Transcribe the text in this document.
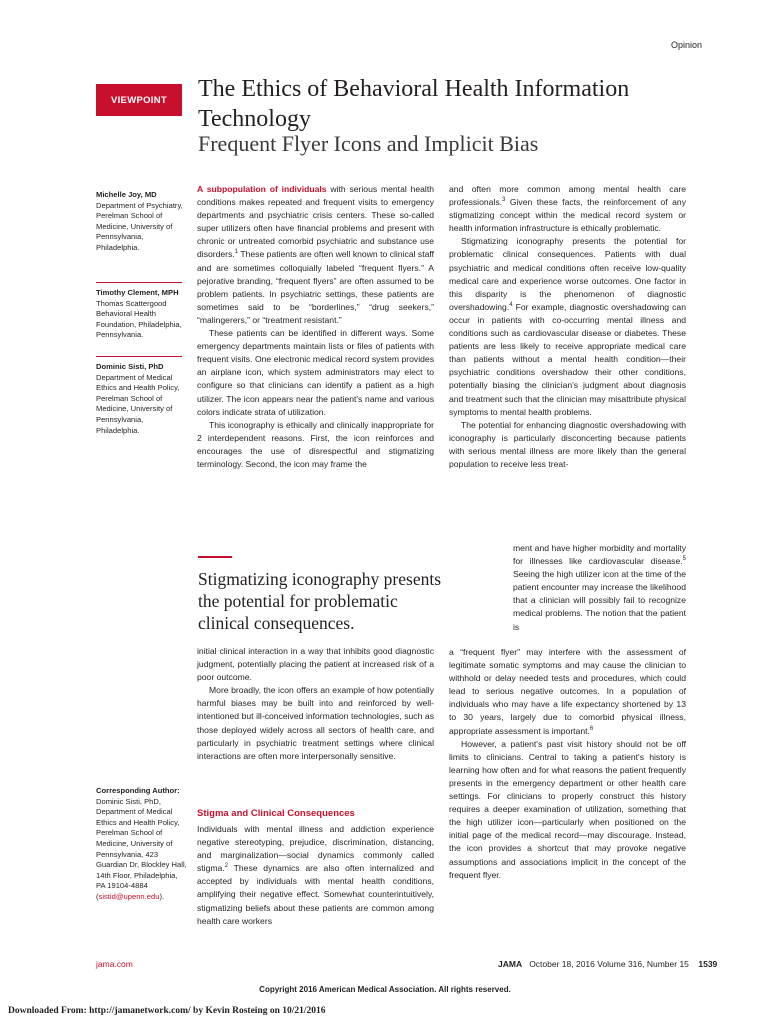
Opinion
VIEWPOINT	The Ethics of Behavioral Health Information Technology
Frequent Flyer Icons and Implicit Bias
Michelle Joy, MD
Department of Psychiatry, Perelman School of Medicine, University of Pennsylvania, Philadelphia.
Timothy Clement, MPH
Thomas Scattergood Behavioral Health Foundation, Philadelphia, Pennsylvania.
Dominic Sisti, PhD
Department of Medical Ethics and Health Policy, Perelman School of Medicine, University of Pennsylvania, Philadelphia.
Corresponding Author: Dominic Sisti, PhD, Department of Medical Ethics and Health Policy, Perelman School of Medicine, University of Pennsylvania, 423 Guardian Dr, Blockley Hall, 14th Floor, Philadelphia, PA 19104-4884 (sistid@upenn.edu).

A subpopulation of individuals with serious mental health conditions makes repeated and frequent visits to emergency departments and psychiatric crisis centers. These so-called super utilizers often have financial problems and present with chronic or untreated comorbid psychiatric and substance use disorders.$^1$ These patients are often well known to clinical staff and are sometimes colloquially labeled “frequent flyers.” A pejorative branding, “frequent flyers” are often assumed to be problem patients. In psychiatric settings, these patients are sometimes said to be “borderlines,” “drug seekers,” “malingerers,” or “treatment resistant.”

These patients can be identified in different ways. Some emergency departments maintain lists or files of patients with frequent visits. One electronic medical record system provides an airplane icon, which system administrators may elect to configure so that clinicians can identify a patient as a high utilizer. The icon appears near the patient's name and various colors indicate strata of utilization.

This iconography is ethically and clinically inappropriate for 2 interdependent reasons. First, the icon reinforces and encourages the use of disrespectful and stigmatizing terminology. Second, the icon may frame the

Stigmatizing iconography presents the potential for problematic clinical consequences.

initial clinical interaction in a way that inhibits good diagnostic judgment, potentially placing the patient at increased risk of a poor outcome.

More broadly, the icon offers an example of how potentially harmful biases may be built into and reinforced by well-intentioned but ill-conceived information technologies, such as those deployed widely across all sectors of health care, and particularly in psychiatric treatment settings where clinical interactions are often more interpersonally sensitive.

Stigma and Clinical Consequences

Individuals with mental illness and addiction experience negative stereotyping, prejudice, discrimination, distancing, and marginalization—social dynamics commonly called stigma.$^2$ These dynamics are also often internalized and accepted by individuals with mental health conditions, amplifying their negative effect. Somewhat counterintuitively, stigmatizing beliefs about these patients are common among health care workers

and often more common among mental health care professionals.$^3$ Given these facts, the reinforcement of any stigmatizing concept within the medical record system or health information infrastructure is ethically problematic.

Stigmatizing iconography presents the potential for problematic clinical consequences. Patients with dual psychiatric and medical conditions often receive low-quality medical care and experience worse outcomes. One factor in this disparity is the phenomenon of diagnostic overshadowing.$^4$ For example, diagnostic overshadowing can occur in patients with co-occurring mental illness and conditions such as cardiovascular disease or diabetes. These patients are less likely to receive appropriate medical care than patients without a mental health condition—their psychiatric conditions overshadow their other conditions, potentially biasing the clinician's judgment about diagnosis and treatment such that the clinician may misattribute physical symptoms to mental health problems.

The potential for enhancing diagnostic overshadowing with iconography is particularly disconcerting because patients with serious mental illness are more likely than the general population to receive less treat-

ment and have higher morbidity and mortality for illnesses like cardiovascular disease.$^5$ Seeing the high utilizer icon at the time of the patient encounter may increase the likelihood that a clinician will possibly fail to recognize medical problems. The notion that the patient is

a “frequent flyer” may interfere with the assessment of legitimate somatic symptoms and may cause the clinician to withhold or delay needed tests and procedures, which could lead to serious negative outcomes. In a population of individuals who may have a life expectancy shortened by 13 to 30 years, largely due to comorbid physical illness, appropriate assessment is important.$^6$

However, a patient's past visit history should not be off limits to clinicians. Central to taking a patient's history is learning how often and for what reasons the patient frequently presents in the emergency department or other health care settings. For clinicians to properly construct this history requires a deeper examination of utilization, something that the high utilizer icon—particularly when positioned on the initial page of the medical record—may discourage. Instead, the icon provides a shortcut that may provoke negative assumptions and associations implicit in the concept of the frequent flyer.

jama.com	JAMA October 18, 2016 Volume 316, Number 15 1539
Copyright 2016 American Medical Association. All rights reserved.
Downloaded From: http://jamanetwork.com/ by Kevin Rosteing on 10/21/2016
